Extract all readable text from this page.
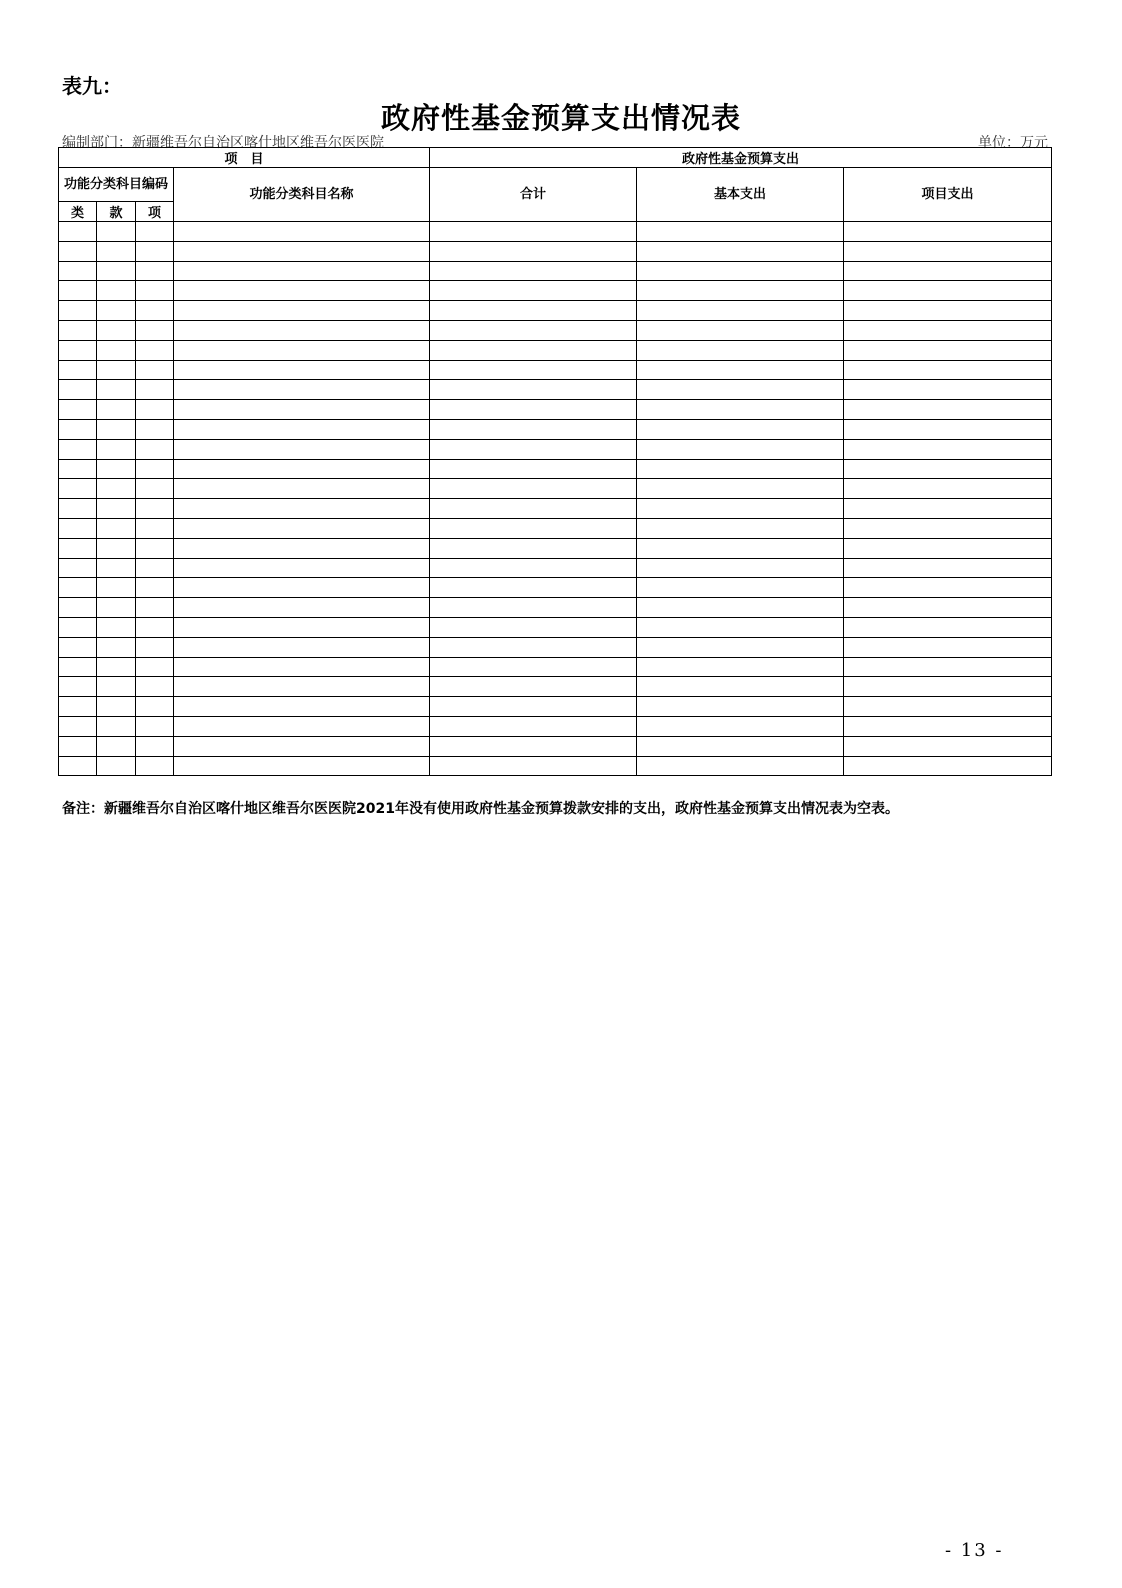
表九：
政府性基金预算支出情况表
编制部门：新疆维吾尔自治区喀什地区维吾尔医医院	单位：万元
项　目				政府性基金预算支出		
功能分类科目编码			功能分类科目名称	合计	基本支出	项目支出
类	款	项				

备注：新疆维吾尔自治区喀什地区维吾尔医医院2021年没有使用政府性基金预算拨款安排的支出，政府性基金预算支出情况表为空表。
- 13 -
